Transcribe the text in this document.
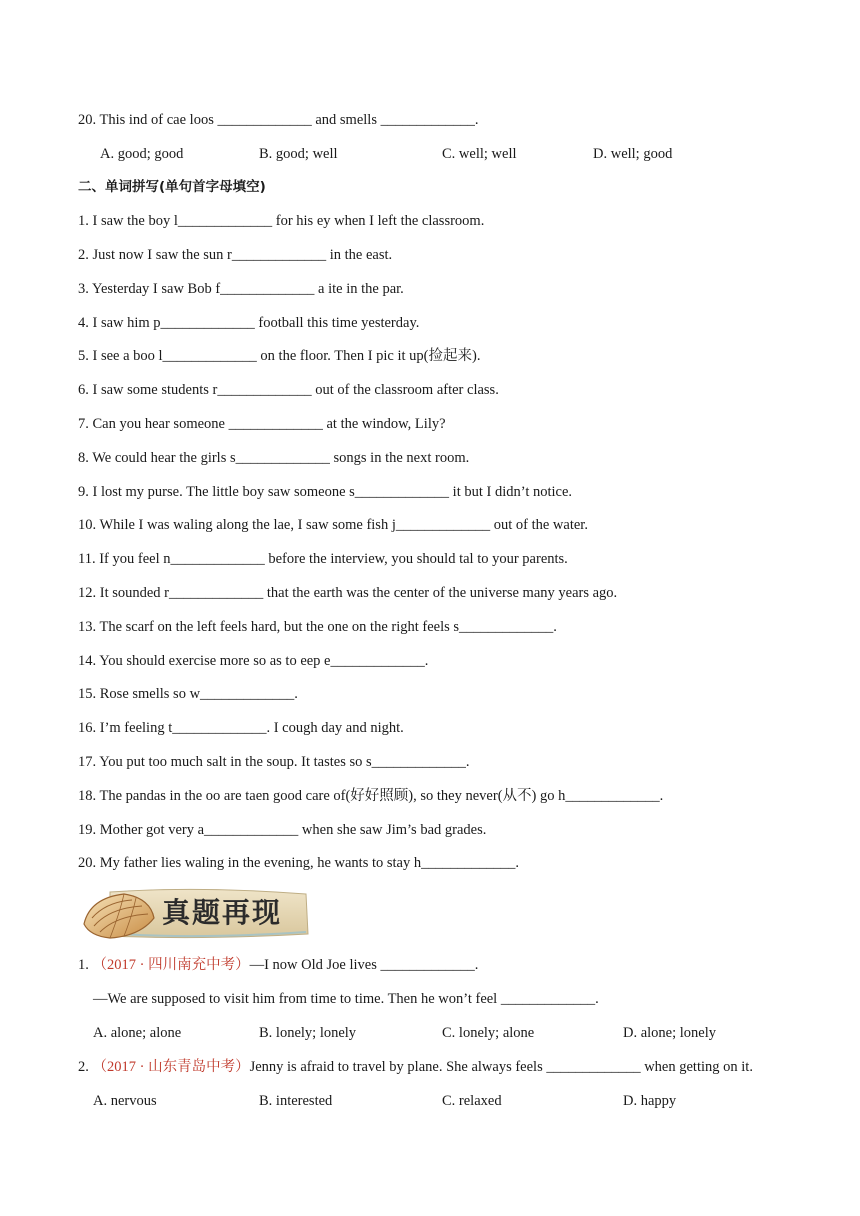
20. This ind of cae loos _____________ and smells _____________.
A. good; good	B. good; well	C. well; well	D. well; good
二、单词拼写(单句首字母填空)
1. I saw the boy l_____________ for his ey when I left the classroom.
2. Just now I saw the sun r_____________ in the east.
3. Yesterday I saw Bob f_____________ a ite in the par.
4. I saw him p_____________ football this time yesterday.
5. I see a boo l_____________ on the floor. Then I pic it up(捡起来).
6. I saw some students r_____________ out of the classroom after class.
7. Can you hear someone _____________ at the window, Lily?
8. We could hear the girls s_____________ songs in the next room.
9. I lost my purse. The little boy saw someone s_____________ it but I didn’t notice.
10. While I was waling along the lae, I saw some fish j_____________ out of the water.
11. If you feel n_____________ before the interview, you should tal to your parents.
12. It sounded r_____________ that the earth was the center of the universe many years ago.
13. The scarf on the left feels hard, but the one on the right feels s_____________.
14. You should exercise more so as to eep e_____________.
15. Rose smells so w_____________.
16. I’m feeling t_____________. I cough day and night.
17. You put too much salt in the soup. It tastes so s_____________.
18. The pandas in the oo are taen good care of(好好照顾), so they never(从不) go h_____________.
19. Mother got very a_____________ when she saw Jim’s bad grades.
20. My father lies waling in the evening, he wants to stay h_____________.
真题再现
1. （2017 · 四川南充中考）—I now Old Joe lives _____________.
—We are supposed to visit him from time to time. Then he won’t feel _____________.
A. alone; alone	B. lonely; lonely	C. lonely; alone	D. alone; lonely
2. （2017 · 山东青岛中考）Jenny is afraid to travel by plane. She always feels _____________ when getting on it.
A. nervous	B. interested	C. relaxed	D. happy
